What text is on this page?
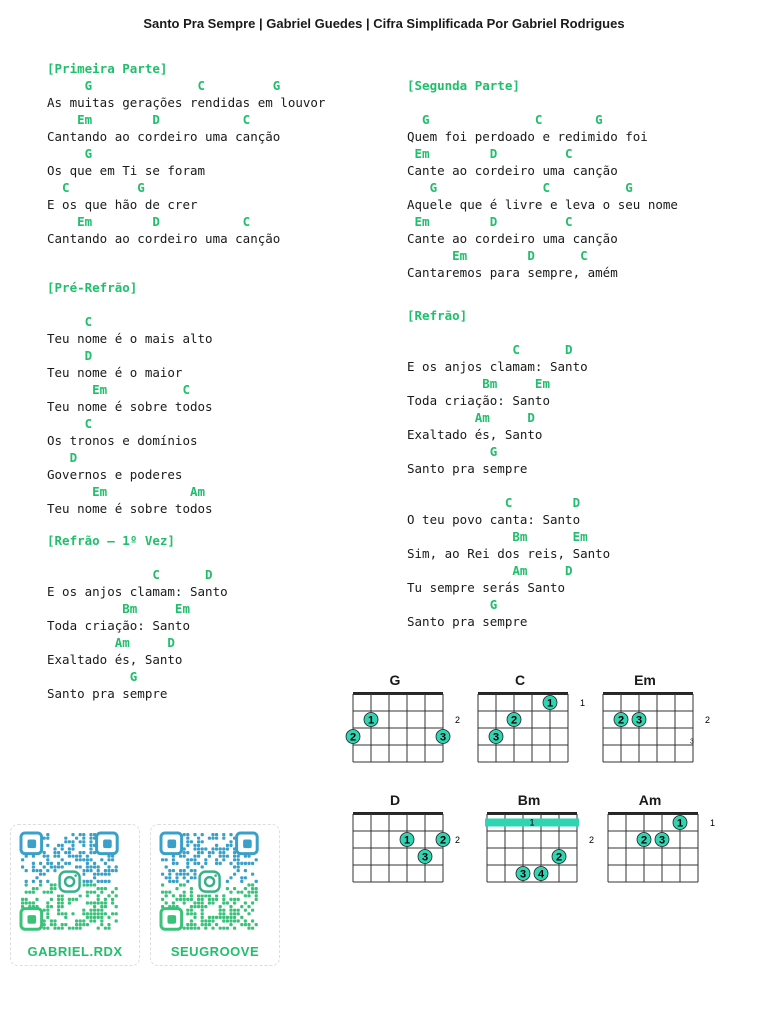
Santo Pra Sempre | Gabriel Guedes | Cifra Simplificada Por Gabriel Rodrigues
[Primeira Parte]
G              C         G
As muitas gerações rendidas em louvor
Em        D           C
Cantando ao cordeiro uma canção
G
Os que em Ti se foram
C         G
E os que hão de crer
Em        D           C
Cantando ao cordeiro uma canção
[Pré-Refrão]

C
Teu nome é o mais alto
D
Teu nome é o maior
Em          C
Teu nome é sobre todos
C
Os tronos e domínios
D
Governos e poderes
Em           Am
Teu nome é sobre todos
[Refrão – 1º Vez]

C      D
E os anjos clamam: Santo
Bm     Em
Toda criação: Santo
Am     D
Exaltado és, Santo
G
Santo pra sempre
[Segunda Parte]

G              C       G
Quem foi perdoado e redimido foi
Em        D         C
Cante ao cordeiro uma canção
G              C          G
Aquele que é livre e leva o seu nome
Em        D         C
Cante ao cordeiro uma canção
Em        D      C
Cantaremos para sempre, amém
[Refrão]

C      D
E os anjos clamam: Santo
Bm     Em
Toda criação: Santo
Am     D
Exaltado és, Santo
G
Santo pra sempre

C        D
O teu povo canta: Santo
Bm      Em
Sim, ao Rei dos reis, Santo
Am     D
Tu sempre serás Santo
G
Santo pra sempre
G
1
2	3
2
C
1
2
3
1
Em
2 3	2
3
D
1	2
3
2
Bm
1
2
3 4
2
Am
1
2 3
1
GABRIEL.RDX	SEUGROOVE
